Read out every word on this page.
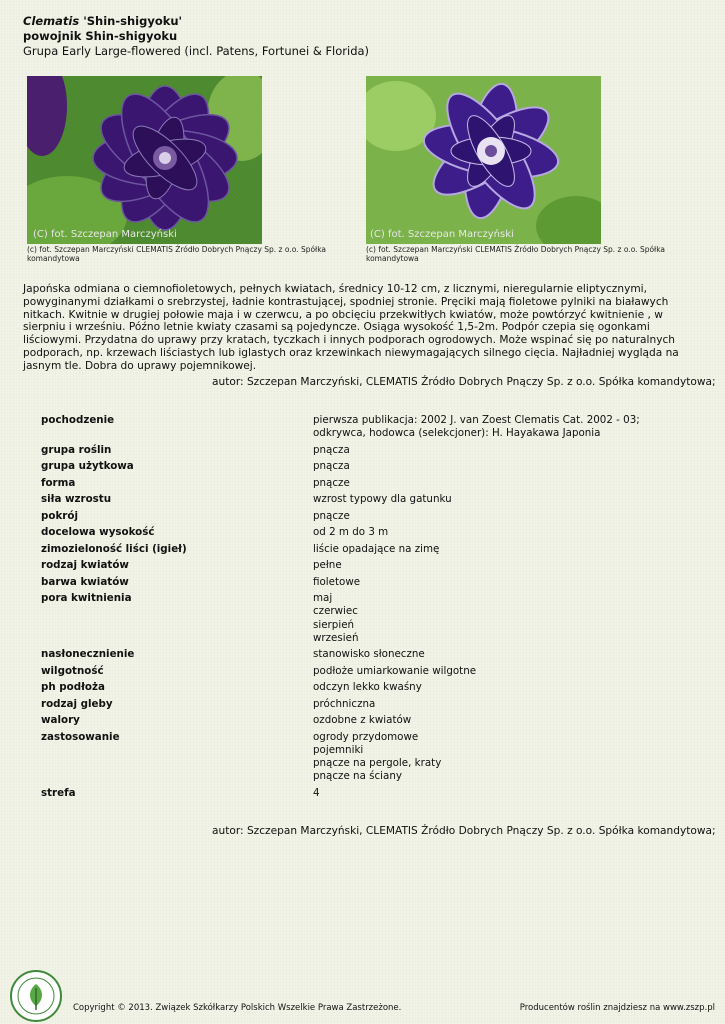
Clematis 'Shin-shigyoku'
powojnik Shin-shigyoku
Grupa Early Large-flowered (incl. Patens, Fortunei & Florida)
(C) fot. Szczepan Marczyński
(c) fot. Szczepan Marczyński CLEMATIS Źródło Dobrych Pnączy Sp. z o.o. Spółka komandytowa
(C) fot. Szczepan Marczyński
(c) fot. Szczepan Marczyński CLEMATIS Źródło Dobrych Pnączy Sp. z o.o. Spółka komandytowa
Japońska odmiana o ciemnofioletowych, pełnych kwiatach, średnicy 10-12 cm, z licznymi, nieregularnie eliptycznymi, powyginanymi działkami o srebrzystej, ładnie kontrastującej, spodniej stronie. Pręciki mają fioletowe pylniki na białawych nitkach. Kwitnie w drugiej połowie maja i w czerwcu, a po obcięciu przekwitłych kwiatów, może powtórzyć kwitnienie , w sierpniu i wrześniu. Późno letnie kwiaty czasami są pojedyncze. Osiąga wysokość 1,5-2m. Podpór czepia się ogonkami liściowymi. Przydatna do uprawy przy kratach, tyczkach i innych podporach ogrodowych. Może wspinać się po naturalnych podporach, np. krzewach liściastych lub iglastych oraz krzewinkach niewymagających silnego cięcia. Najładniej wygląda na jasnym tle. Dobra do uprawy pojemnikowej.
autor: Szczepan Marczyński, CLEMATIS Źródło Dobrych Pnączy Sp. z o.o. Spółka komandytowa;
pochodzenie	pierwsza publikacja: 2002 J. van Zoest Clematis Cat. 2002 - 03; odkrywca, hodowca (selekcjoner): H. Hayakawa Japonia
grupa roślin	pnącza
grupa użytkowa	pnącza
forma	pnącze
siła wzrostu	wzrost typowy dla gatunku
pokrój	pnącze
docelowa wysokość	od 2 m do 3 m
zimozieloność liści (igieł)	liście opadające na zimę
rodzaj kwiatów	pełne
barwa kwiatów	fioletowe
pora kwitnienia	maj
czerwiec
sierpień
wrzesień
nasłonecznienie	stanowisko słoneczne
wilgotność	podłoże umiarkowanie wilgotne
ph podłoża	odczyn lekko kwaśny
rodzaj gleby	próchniczna
walory	ozdobne z kwiatów
zastosowanie	ogrody przydomowe
pojemniki
pnącze na pergole, kraty
pnącze na ściany
strefa	4
autor: Szczepan Marczyński, CLEMATIS Źródło Dobrych Pnączy Sp. z o.o. Spółka komandytowa;
Copyright © 2013. Związek Szkółkarzy Polskich Wszelkie Prawa Zastrzeżone.	Producentów roślin znajdziesz na www.zszp.pl
